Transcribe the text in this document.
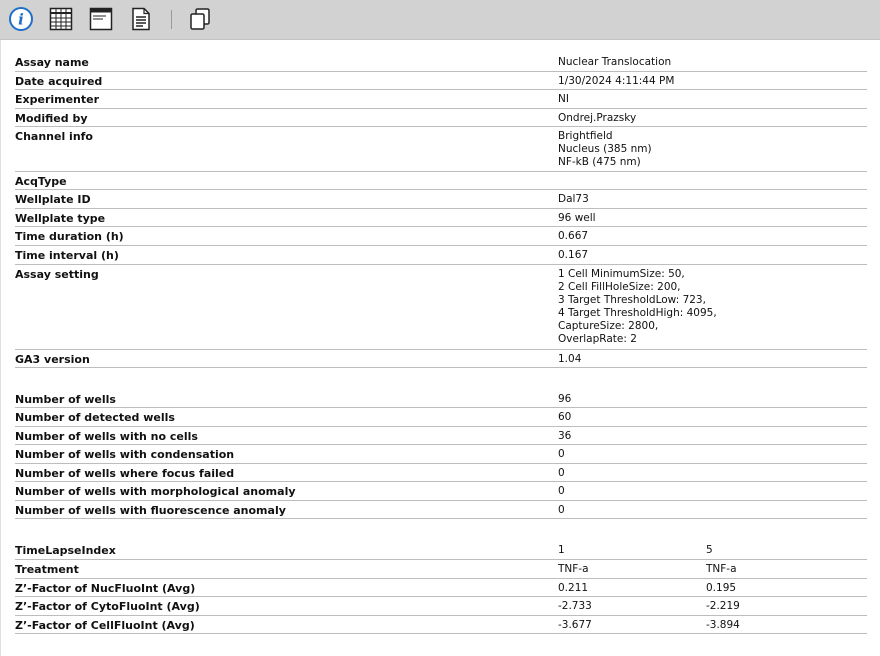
i
Assay name	Nuclear Translocation
Date acquired	1/30/2024 4:11:44 PM
Experimenter	NI
Modified by	Ondrej.Prazsky
Channel info	Brightfield
Nucleus (385 nm)
NF-kB (475 nm)
AcqType
Wellplate ID	Dal73
Wellplate type	96 well
Time duration (h)	0.667
Time interval (h)	0.167
Assay setting	1 Cell MinimumSize: 50,
2 Cell FillHoleSize: 200,
3 Target ThresholdLow: 723,
4 Target ThresholdHigh: 4095,
CaptureSize: 2800,
OverlapRate: 2
GA3 version	1.04
Number of wells	96
Number of detected wells	60
Number of wells with no cells	36
Number of wells with condensation	0
Number of wells where focus failed	0
Number of wells with morphological anomaly	0
Number of wells with fluorescence anomaly	0
TimeLapseIndex	1	5
Treatment	TNF-a	TNF-a
Z’-Factor of NucFluoInt (Avg)	0.211	0.195
Z’-Factor of CytoFluoInt (Avg)	-2.733	-2.219
Z’-Factor of CellFluoInt (Avg)	-3.677	-3.894
